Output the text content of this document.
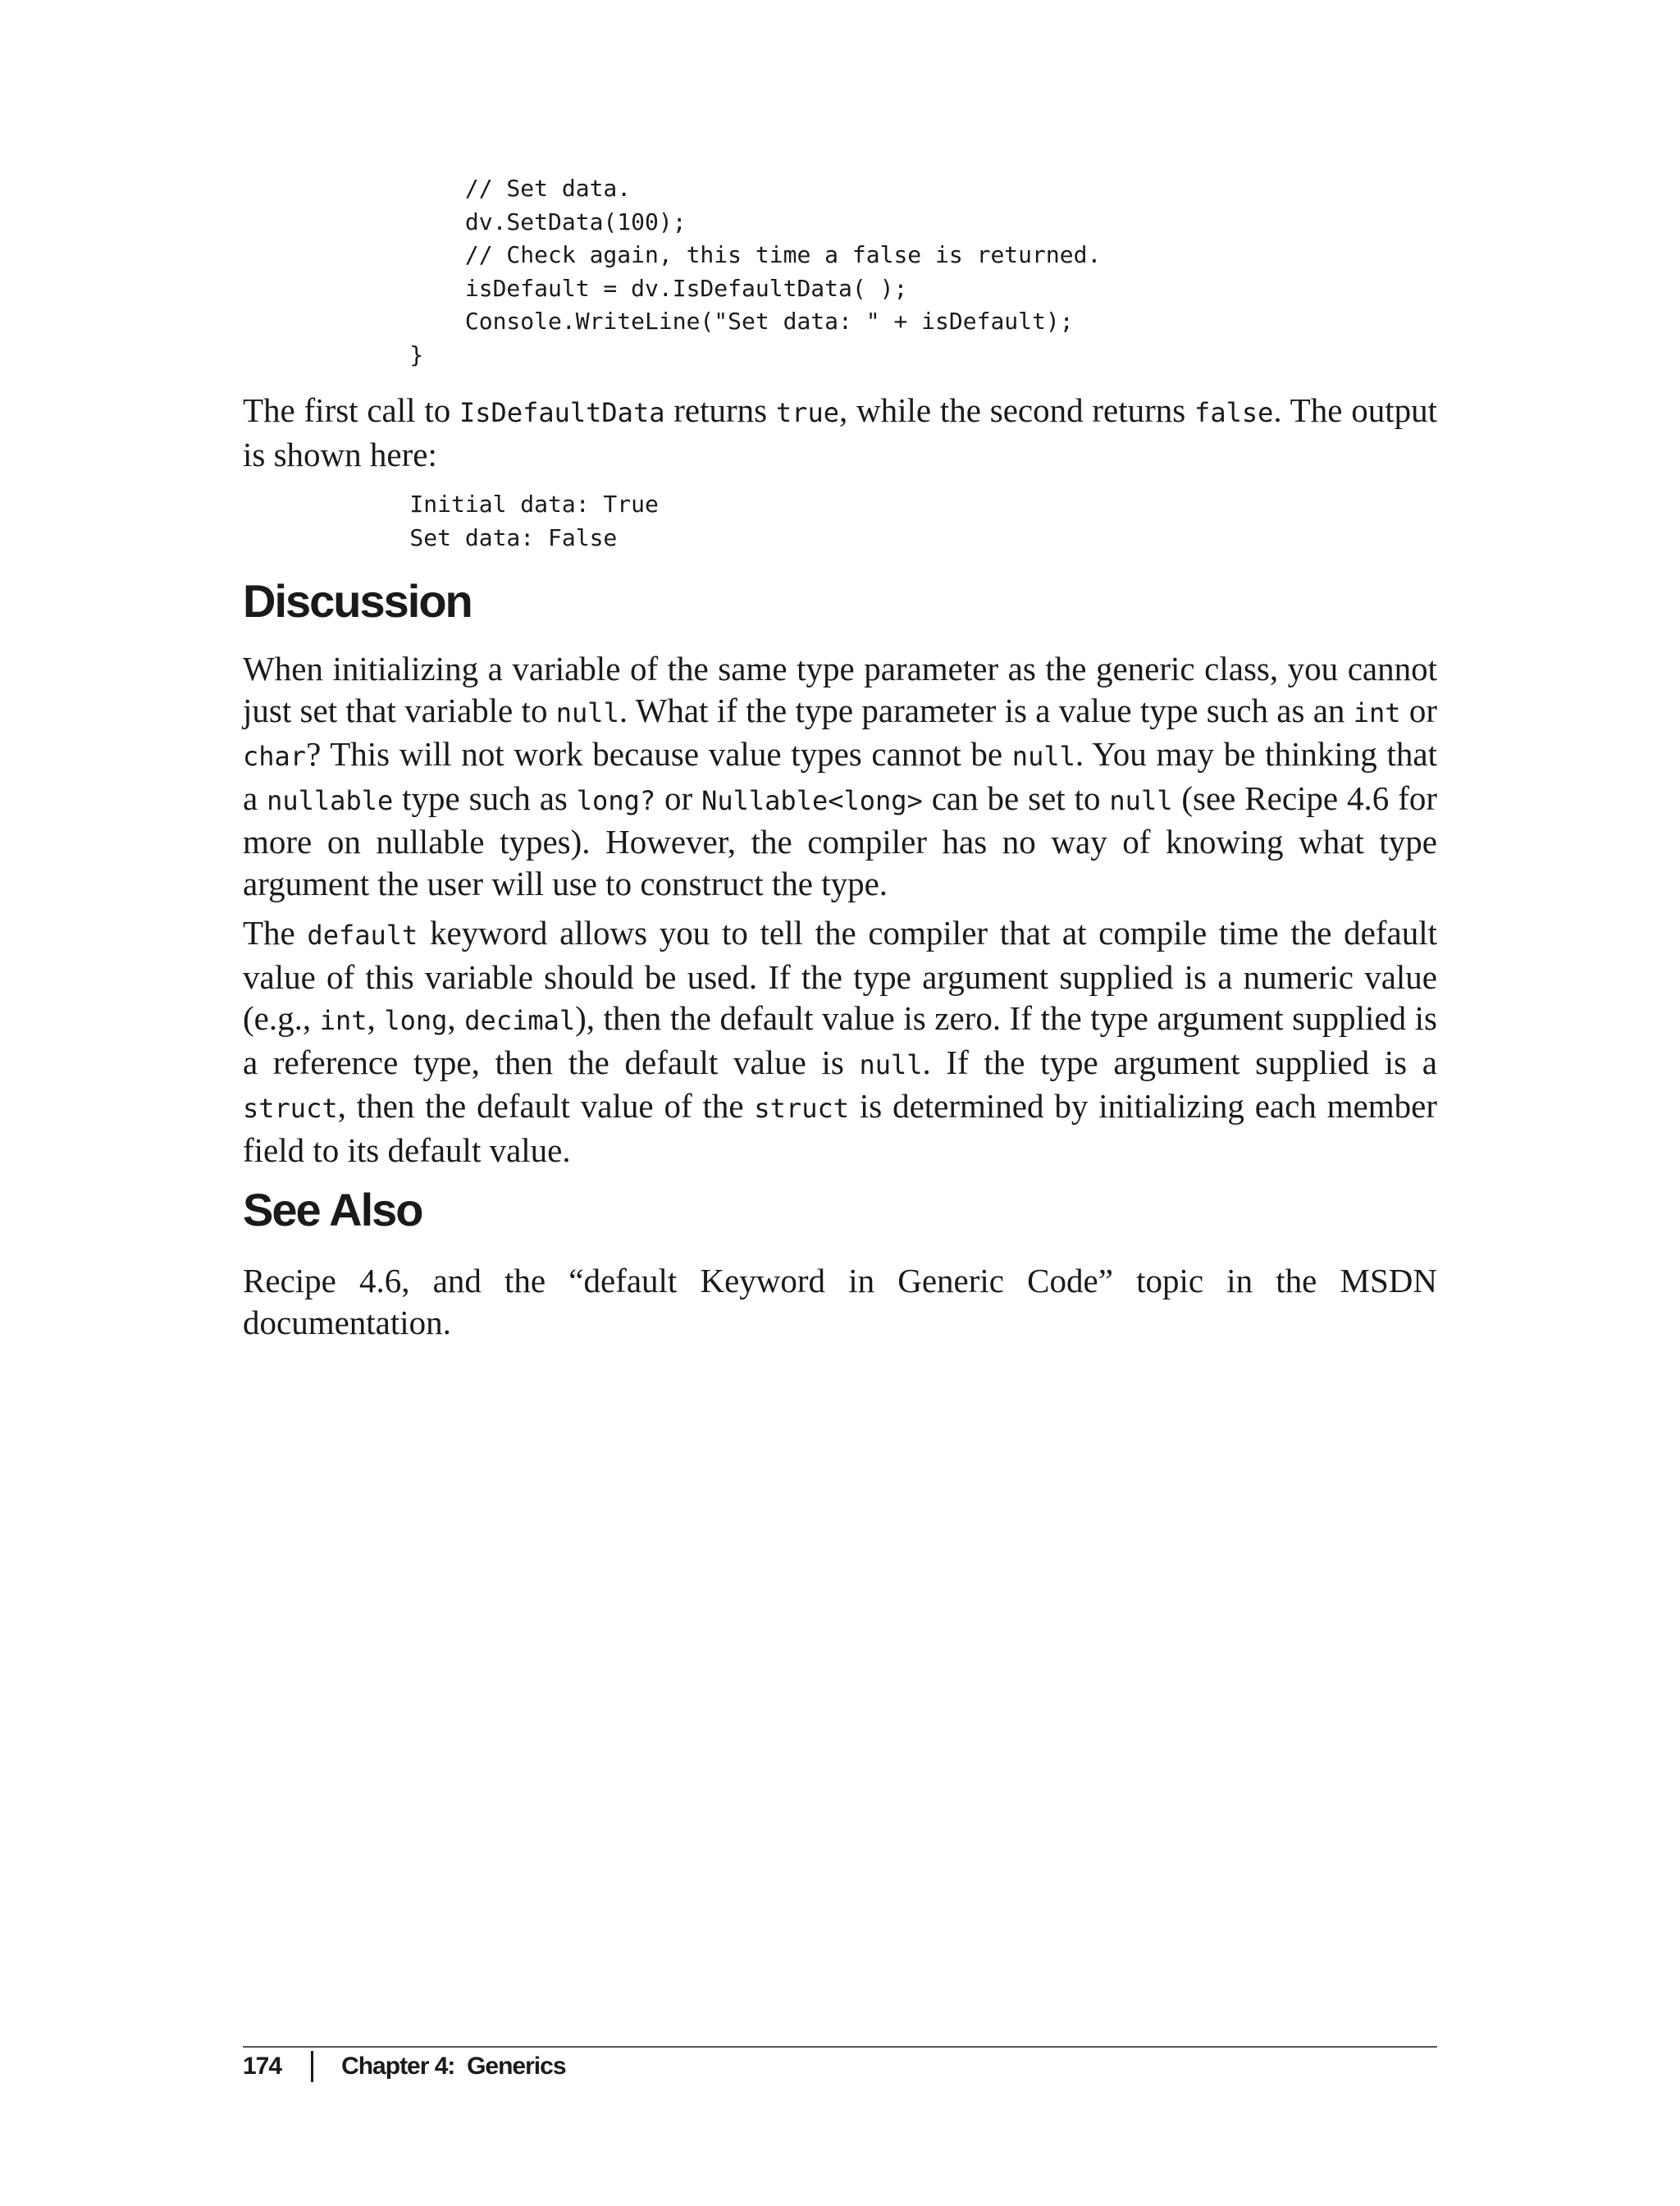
// Set data.
dv.SetData(100);
// Check again, this time a false is returned.
isDefault = dv.IsDefaultData( );
Console.WriteLine("Set data: " + isDefault);
}

The first call to IsDefaultData returns true, while the second returns false. The output is shown here:

Initial data: True
Set data: False
Discussion

When initializing a variable of the same type parameter as the generic class, you cannot just set that variable to null. What if the type parameter is a value type such as an int or char? This will not work because value types cannot be null. You may be thinking that a nullable type such as long? or Nullable<long> can be set to null (see Recipe 4.6 for more on nullable types). However, the compiler has no way of knowing what type argument the user will use to construct the type.

The default keyword allows you to tell the compiler that at compile time the default value of this variable should be used. If the type argument supplied is a numeric value (e.g., int, long, decimal), then the default value is zero. If the type argument supplied is a reference type, then the default value is null. If the type argument supplied is a struct, then the default value of the struct is determined by initializing each member field to its default value.

See Also

Recipe 4.6, and the “default Keyword in Generic Code” topic in the MSDN documentation.

174 Chapter 4:  Generics
